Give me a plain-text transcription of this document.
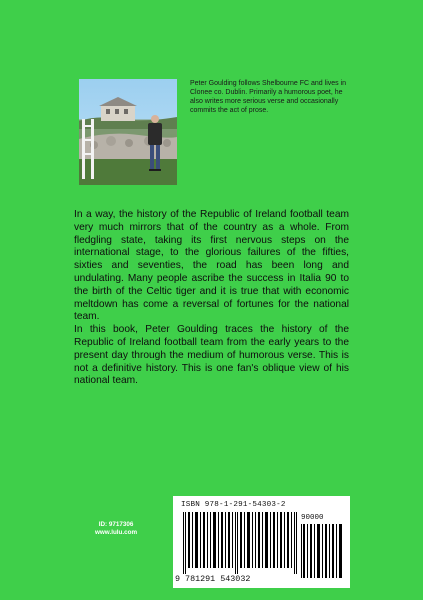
Peter Goulding follows Shelbourne FC and lives in Clonee co. Dublin. Primarily a humorous poet, he also writes more serious verse and occasionally commits the act of prose.

In a way, the history of the Republic of Ireland football team very much mirrors that of the country as a whole. From fledgling state, taking its first nervous steps on the international stage, to the glorious failures of the fifties, sixties and seventies, the road has been long and undulating. Many people ascribe the success in Italia 90 to the birth of the Celtic tiger and it is true that with economic meltdown has come a reversal of fortunes for the national team.

In this book, Peter Goulding traces the history of the Republic of Ireland football team from the early years to the present day through the medium of humorous verse. This is not a definitive history. This is one fan's oblique view of his national team.

ID: 9717306
www.lulu.com
ISBN 978-1-291-54303-2
90000
9 781291 543032
